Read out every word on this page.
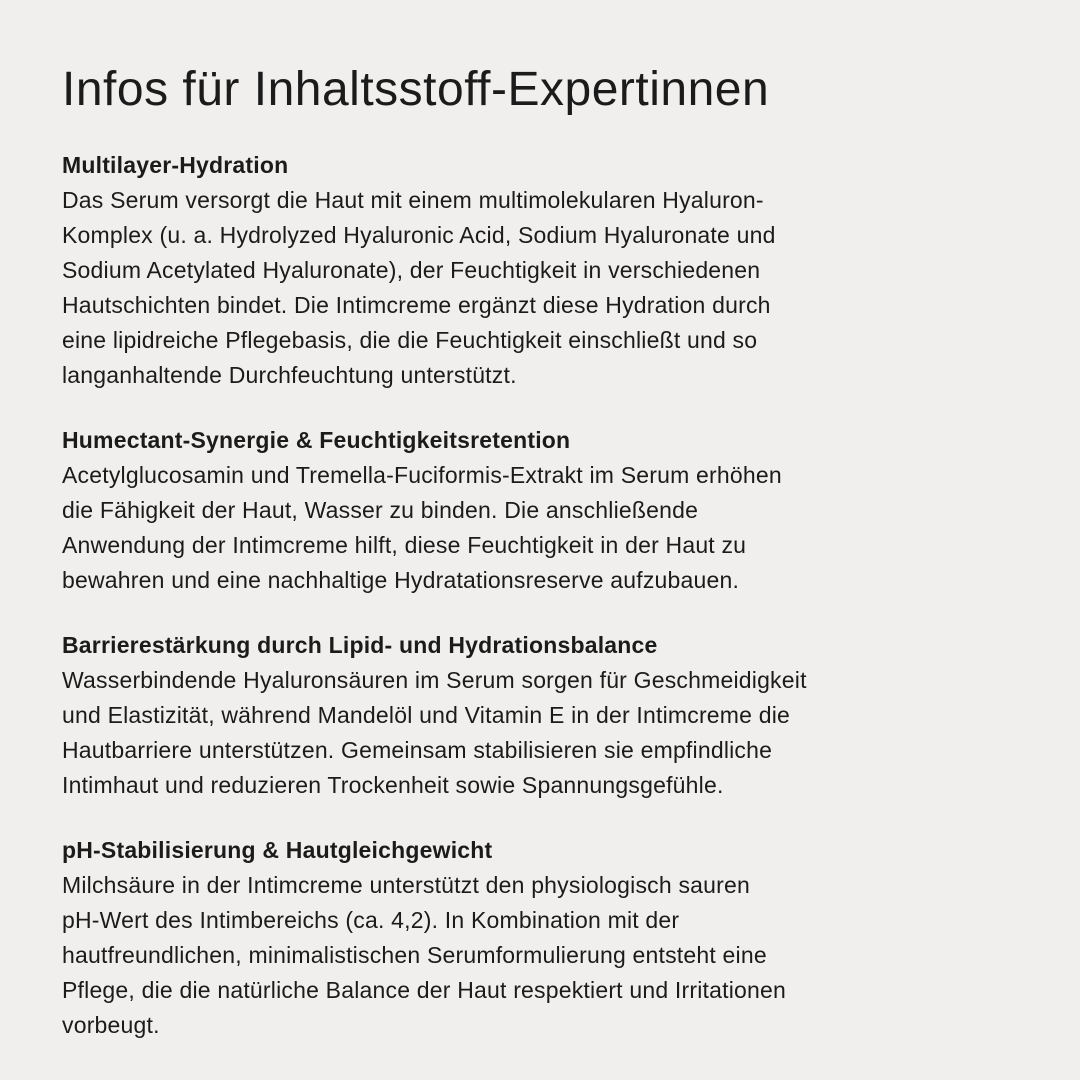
Infos für Inhaltsstoff-Expertinnen
Multilayer-Hydration

Das Serum versorgt die Haut mit einem multimolekularen Hyaluron-
Komplex (u. a. Hydrolyzed Hyaluronic Acid, Sodium Hyaluronate und
Sodium Acetylated Hyaluronate), der Feuchtigkeit in verschiedenen
Hautschichten bindet. Die Intimcreme ergänzt diese Hydration durch
eine lipidreiche Pflegebasis, die die Feuchtigkeit einschließt und so
langanhaltende Durchfeuchtung unterstützt.

Humectant-Synergie & Feuchtigkeitsretention

Acetylglucosamin und Tremella-Fuciformis-Extrakt im Serum erhöhen
die Fähigkeit der Haut, Wasser zu binden. Die anschließende
Anwendung der Intimcreme hilft, diese Feuchtigkeit in der Haut zu
bewahren und eine nachhaltige Hydratationsreserve aufzubauen.

Barrierestärkung durch Lipid- und Hydrationsbalance

Wasserbindende Hyaluronsäuren im Serum sorgen für Geschmeidigkeit
und Elastizität, während Mandelöl und Vitamin E in der Intimcreme die
Hautbarriere unterstützen. Gemeinsam stabilisieren sie empfindliche
Intimhaut und reduzieren Trockenheit sowie Spannungsgefühle.

pH-Stabilisierung & Hautgleichgewicht

Milchsäure in der Intimcreme unterstützt den physiologisch sauren
pH-Wert des Intimbereichs (ca. 4,2). In Kombination mit der
hautfreundlichen, minimalistischen Serumformulierung entsteht eine
Pflege, die die natürliche Balance der Haut respektiert und Irritationen
vorbeugt.
